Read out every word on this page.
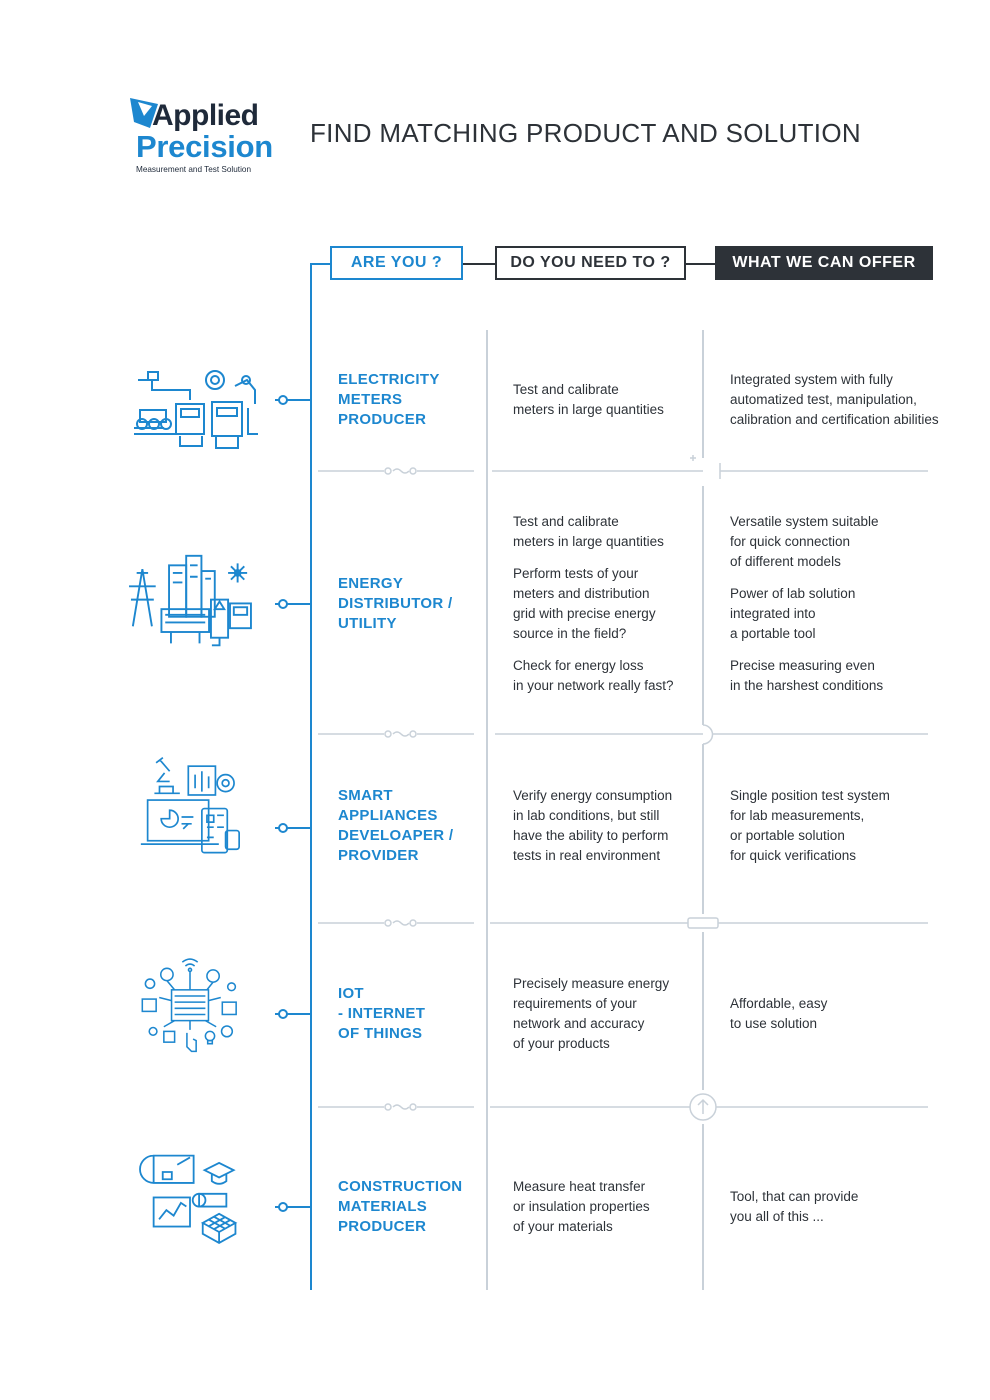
Applied
Precision
Measurement and Test Solution
FIND MATCHING PRODUCT AND SOLUTION
ARE YOU ?	DO YOU NEED TO ?	WHAT WE CAN OFFER
ELECTRICITY
METERS
PRODUCER
Test and calibrate
meters in large quantities
Integrated system with fully
automatized test, manipulation,
calibration and certification abilities
ENERGY
DISTRIBUTOR /
UTILITY
Test and calibrate
meters in large quantities
Perform tests of your
meters and distribution
grid with precise energy
source in the field?
Check for energy loss
in your network really fast?
Versatile system suitable
for quick connection
of different models
Power of lab solution
integrated into
a portable tool
Precise measuring even
in the harshest conditions
SMART
APPLIANCES
DEVELOAPER /
PROVIDER
Verify energy consumption
in lab conditions, but still
have the ability to perform
tests in real environment
Single position test system
for lab measurements,
or portable solution
for quick verifications
IOT
- INTERNET
OF THINGS
Precisely measure energy
requirements of your
network and accuracy
of your products
Affordable, easy
to use solution
CONSTRUCTION
MATERIALS
PRODUCER
Measure heat transfer
or insulation properties
of your materials
Tool, that can provide
you all of this ...
